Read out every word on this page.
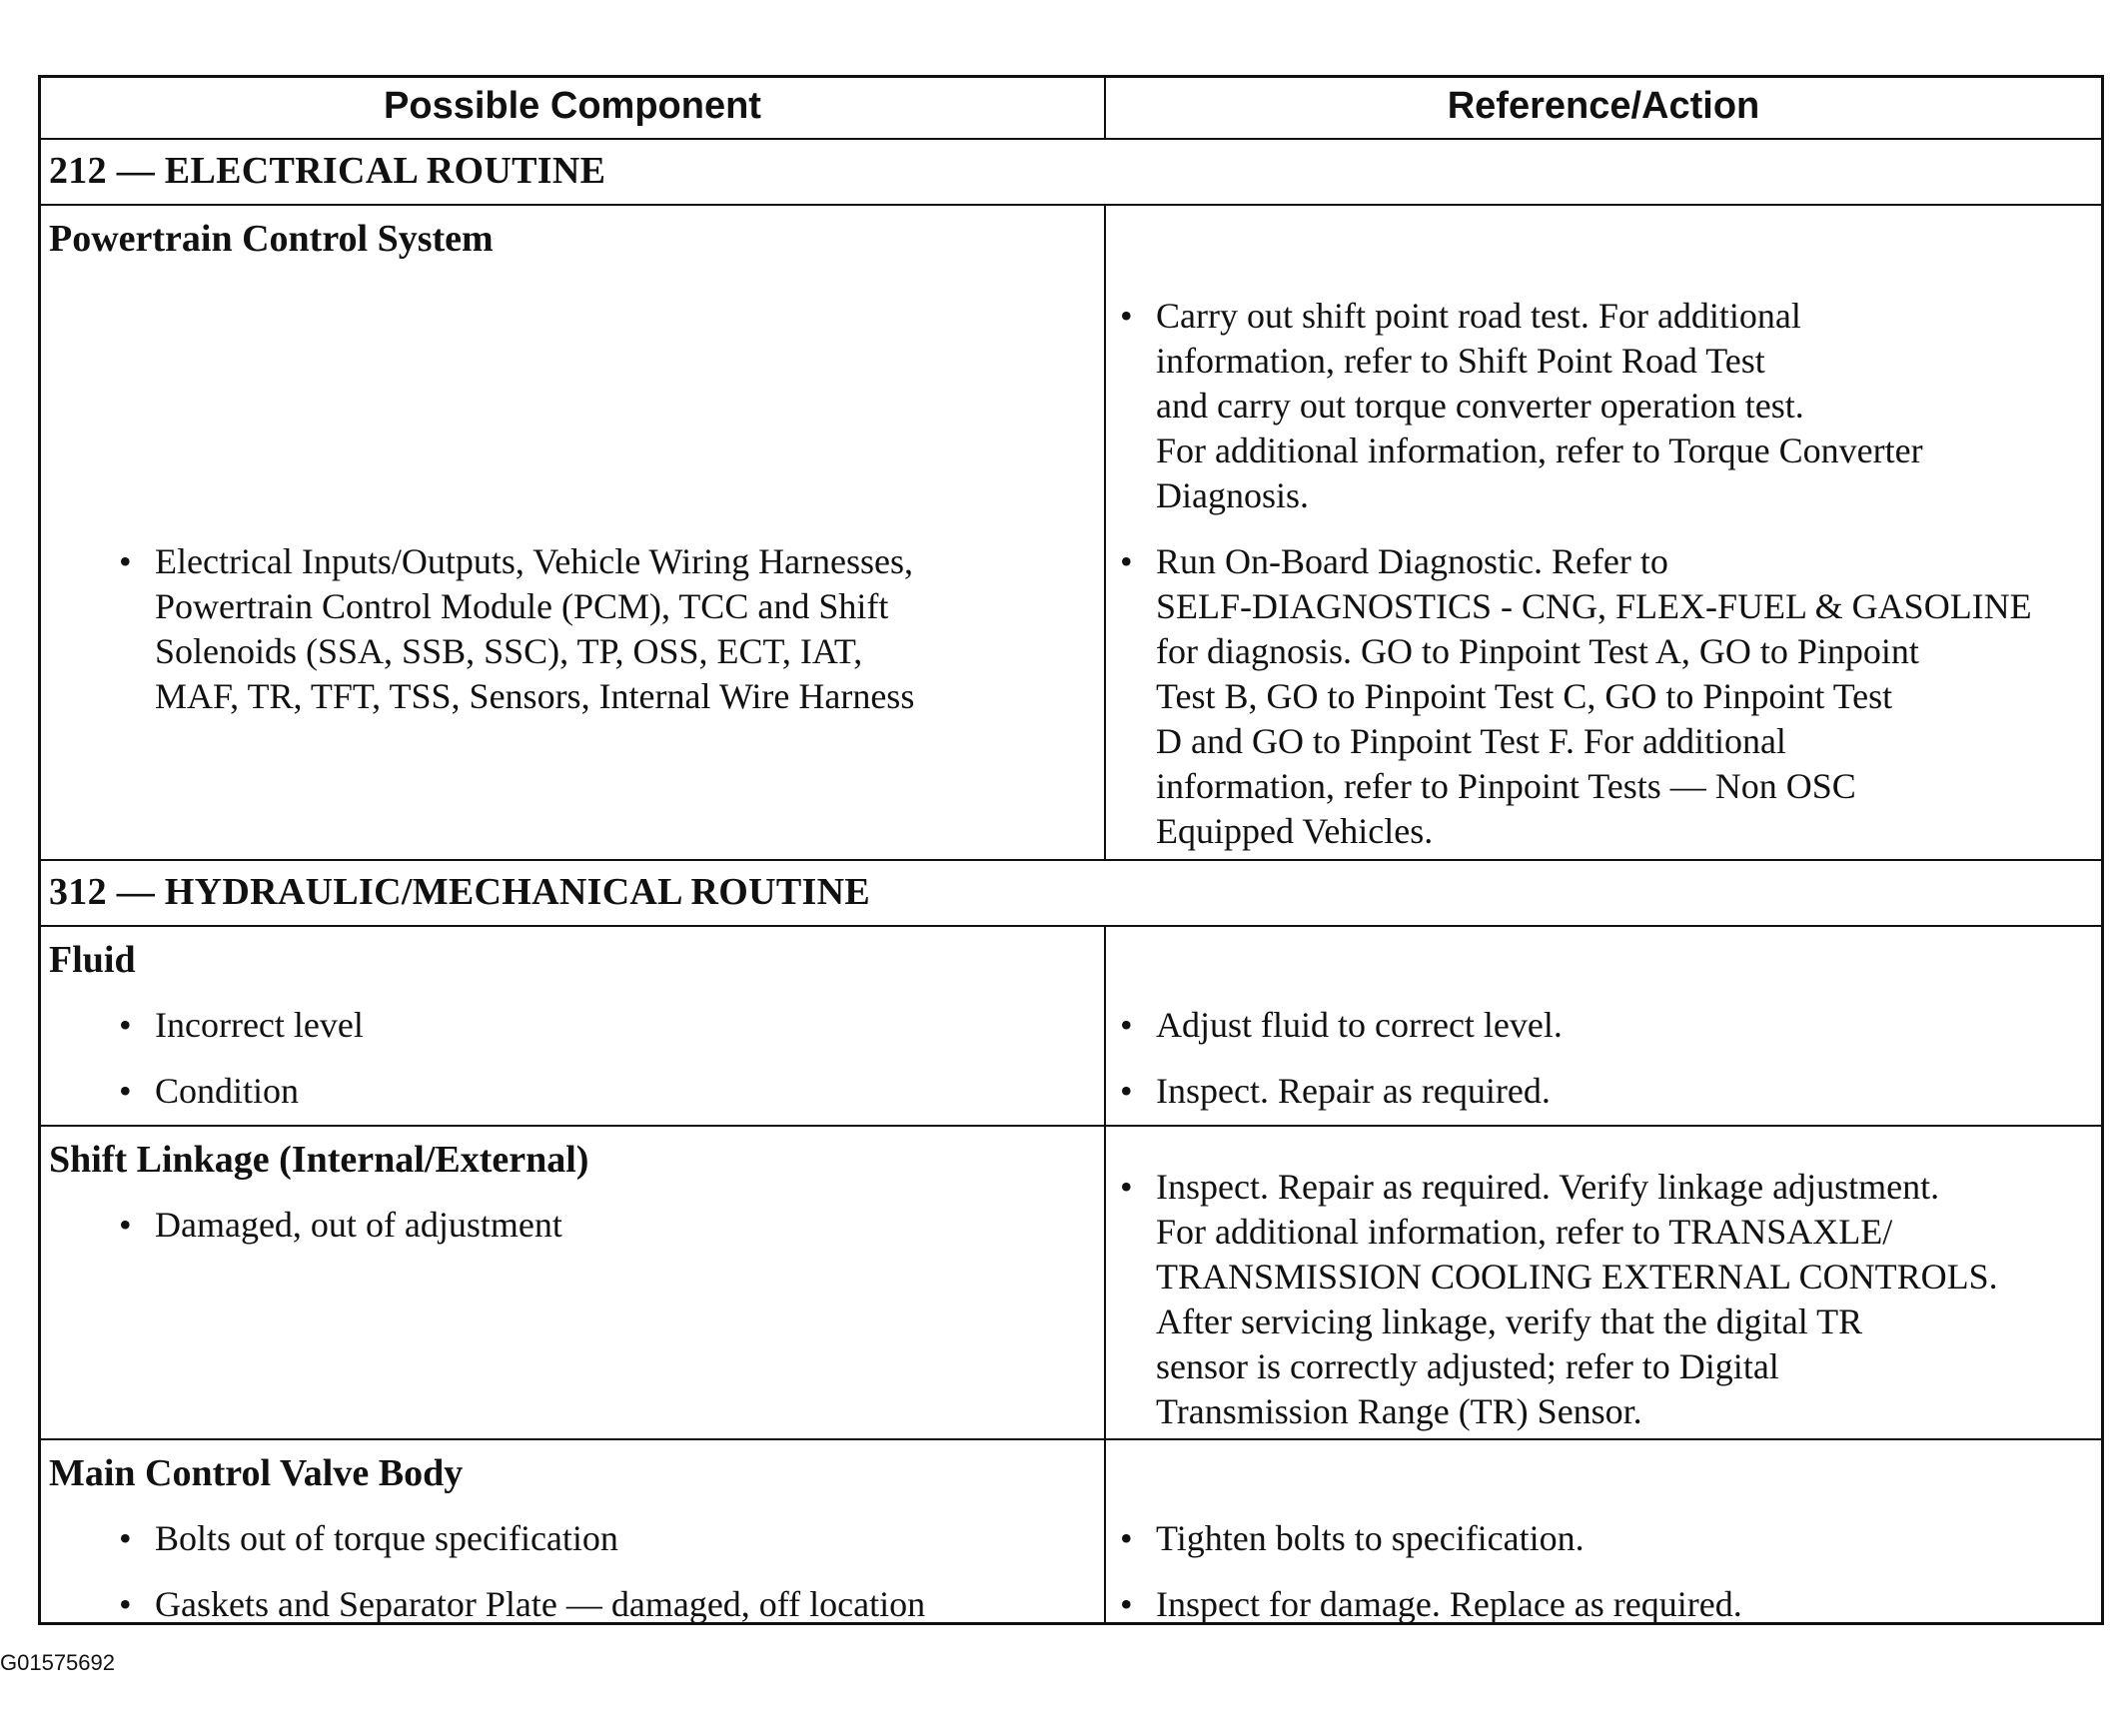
Possible Component	Reference/Action
212 — ELECTRICAL ROUTINE
Powertrain Control System
• Electrical Inputs/Outputs, Vehicle Wiring Harnesses,
Powertrain Control Module (PCM), TCC and Shift
Solenoids (SSA, SSB, SSC), TP, OSS, ECT, IAT,
MAF, TR, TFT, TSS, Sensors, Internal Wire Harness
• Carry out shift point road test. For additional
information, refer to Shift Point Road Test
and carry out torque converter operation test.
For additional information, refer to Torque Converter
Diagnosis.
• Run On-Board Diagnostic. Refer to
SELF-DIAGNOSTICS - CNG, FLEX-FUEL & GASOLINE
for diagnosis. GO to Pinpoint Test A, GO to Pinpoint
Test B, GO to Pinpoint Test C, GO to Pinpoint Test
D and GO to Pinpoint Test F. For additional
information, refer to Pinpoint Tests — Non OSC
Equipped Vehicles.
312 — HYDRAULIC/MECHANICAL ROUTINE
Fluid
• Incorrect level
• Condition
• Adjust fluid to correct level.
• Inspect. Repair as required.
Shift Linkage (Internal/External)
• Damaged, out of adjustment
• Inspect. Repair as required. Verify linkage adjustment.
For additional information, refer to TRANSAXLE/
TRANSMISSION COOLING EXTERNAL CONTROLS.
After servicing linkage, verify that the digital TR
sensor is correctly adjusted; refer to Digital
Transmission Range (TR) Sensor.
Main Control Valve Body
• Bolts out of torque specification
• Gaskets and Separator Plate — damaged, off location
• Tighten bolts to specification.
• Inspect for damage. Replace as required.
G01575692
